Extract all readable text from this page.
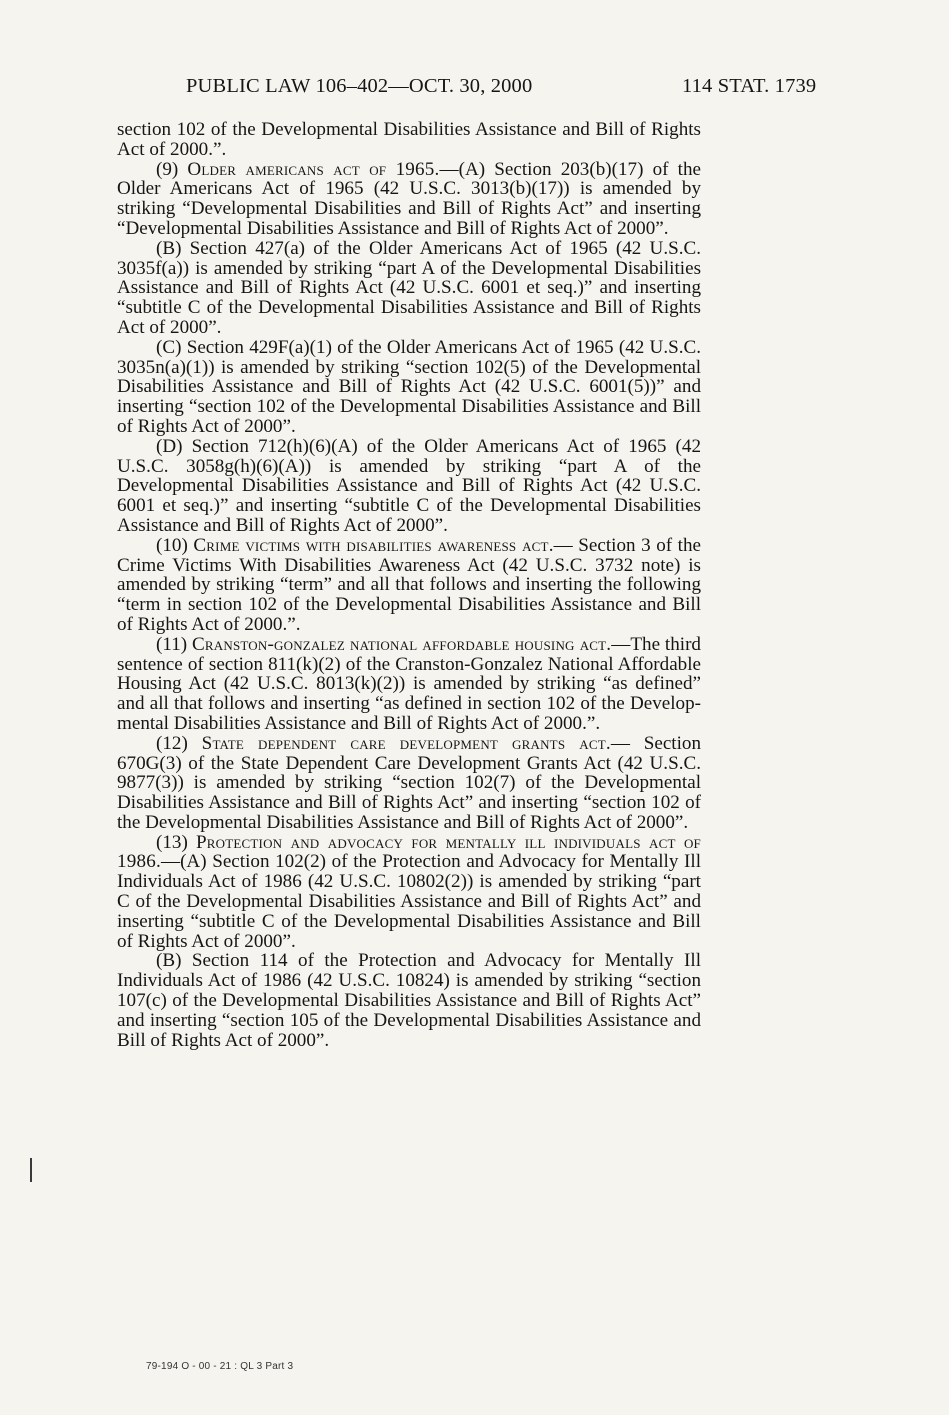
PUBLIC LAW 106–402—OCT. 30, 2000	114 STAT. 1739

section 102 of the Developmental Disabilities Assistance and Bill of Rights Act of 2000.”.

(9) Older americans act of 1965.—(A) Section 203(b)(17) of the Older Americans Act of 1965 (42 U.S.C. 3013(b)(17)) is amended by striking “Developmental Disabilities and Bill of Rights Act” and inserting “Developmental Disabilities Assistance and Bill of Rights Act of 2000”.

(B) Section 427(a) of the Older Americans Act of 1965 (42 U.S.C. 3035f(a)) is amended by striking “part A of the Developmental Disabilities Assistance and Bill of Rights Act (42 U.S.C. 6001 et seq.)” and inserting “subtitle C of the Developmental Disabilities Assistance and Bill of Rights Act of 2000”.

(C) Section 429F(a)(1) of the Older Americans Act of 1965 (42 U.S.C. 3035n(a)(1)) is amended by striking “section 102(5) of the Developmental Disabilities Assistance and Bill of Rights Act (42 U.S.C. 6001(5))” and inserting “section 102 of the Developmental Disabilities Assistance and Bill of Rights Act of 2000”.

(D) Section 712(h)(6)(A) of the Older Americans Act of 1965 (42 U.S.C. 3058g(h)(6)(A)) is amended by striking “part A of the Developmental Disabilities Assistance and Bill of Rights Act (42 U.S.C. 6001 et seq.)” and inserting “subtitle C of the Developmental Disabilities Assistance and Bill of Rights Act of 2000”.

(10) Crime victims with disabilities awareness act.— Section 3 of the Crime Victims With Disabilities Awareness Act (42 U.S.C. 3732 note) is amended by striking “term” and all that follows and inserting the following “term in section 102 of the Developmental Disabilities Assistance and Bill of Rights Act of 2000.”.

(11) Cranston-gonzalez national affordable housing act.—The third sentence of section 811(k)(2) of the Cranston-Gonzalez National Affordable Housing Act (42 U.S.C. 8013(k)(2)) is amended by striking “as defined” and all that follows and inserting “as defined in section 102 of the Developmental Disabilities Assistance and Bill of Rights Act of 2000.”.

(12) State dependent care development grants act.— Section 670G(3) of the State Dependent Care Development Grants Act (42 U.S.C. 9877(3)) is amended by striking “section 102(7) of the Developmental Disabilities Assistance and Bill of Rights Act” and inserting “section 102 of the Developmental Disabilities Assistance and Bill of Rights Act of 2000”.

(13) Protection and advocacy for mentally ill individuals act of 1986.—(A) Section 102(2) of the Protection and Advocacy for Mentally Ill Individuals Act of 1986 (42 U.S.C. 10802(2)) is amended by striking “part C of the Developmental Disabilities Assistance and Bill of Rights Act” and inserting “subtitle C of the Developmental Disabilities Assistance and Bill of Rights Act of 2000”.

(B) Section 114 of the Protection and Advocacy for Mentally Ill Individuals Act of 1986 (42 U.S.C. 10824) is amended by striking “section 107(c) of the Developmental Disabilities Assistance and Bill of Rights Act” and inserting “section 105 of the Developmental Disabilities Assistance and Bill of Rights Act of 2000”.

79-194 O - 00 - 21 : QL 3 Part 3
